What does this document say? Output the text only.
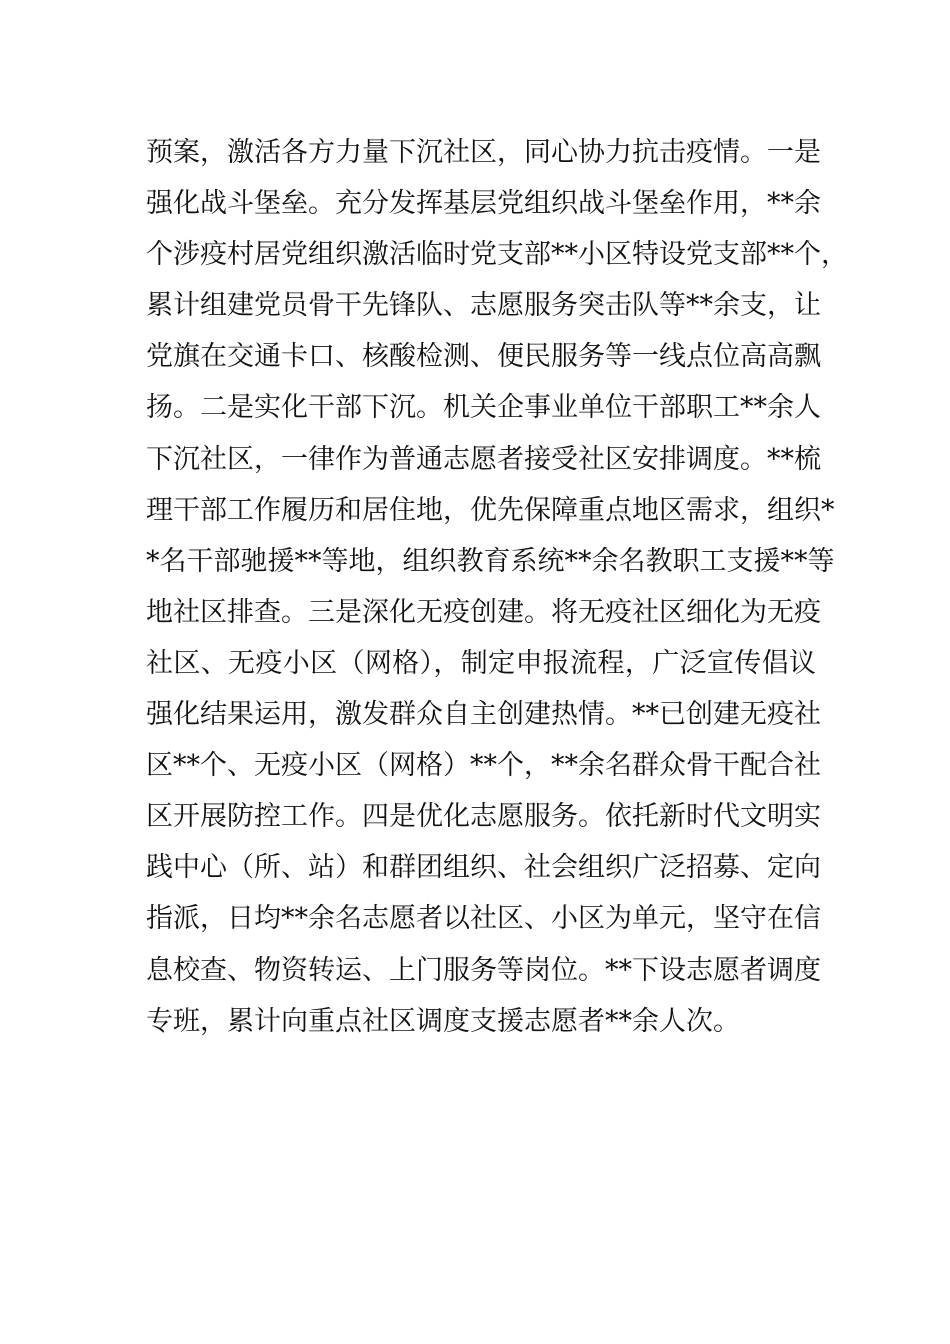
预案，激活各方力量下沉社区，同心协力抗击疫情。一是
强化战斗堡垒。充分发挥基层党组织战斗堡垒作用，**余
个涉疫村居党组织激活临时党支部**小区特设党支部**个，
累计组建党员骨干先锋队、志愿服务突击队等**余支，让
党旗在交通卡口、核酸检测、便民服务等一线点位高高飘
扬。二是实化干部下沉。机关企事业单位干部职工**余人
下沉社区，一律作为普通志愿者接受社区安排调度。**梳
理干部工作履历和居住地，优先保障重点地区需求，组织*
*名干部驰援**等地，组织教育系统**余名教职工支援**等
地社区排查。三是深化无疫创建。将无疫社区细化为无疫
社区、无疫小区（网格），制定申报流程，广泛宣传倡议
强化结果运用，激发群众自主创建热情。**已创建无疫社
区**个、无疫小区（网格）**个，**余名群众骨干配合社
区开展防控工作。四是优化志愿服务。依托新时代文明实
践中心（所、站）和群团组织、社会组织广泛招募、定向
指派，日均**余名志愿者以社区、小区为单元，坚守在信
息校查、物资转运、上门服务等岗位。**下设志愿者调度
专班，累计向重点社区调度支援志愿者**余人次。
